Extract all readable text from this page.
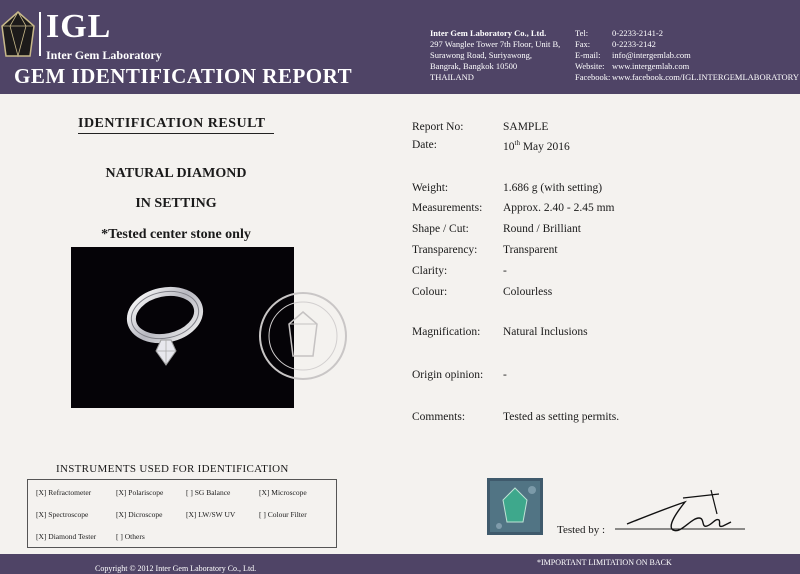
IGL
Inter Gem Laboratory
GEM IDENTIFICATION REPORT
Inter Gem Laboratory Co., Ltd.
297 Wanglee Tower 7th Floor, Unit B,
Surawong Road, Suriyawong,
Bangrak, Bangkok 10500
THAILAND
Tel:	0-2233-2141-2
Fax:	0-2233-2142
E-mail:	info@intergemlab.com
Website: www.intergemlab.com
Facebook: www.facebook.com/IGL.INTERGEMLABORATORY
IDENTIFICATION RESULT
NATURAL DIAMOND
IN SETTING
*Tested center stone only
Report No:	SAMPLE
Date:	10th May 2016
Weight:	1.686 g (with setting)
Measurements: Approx. 2.40 - 2.45 mm
Shape / Cut:	Round / Brilliant
Transparency: Transparent
Clarity:	-
Colour:	Colourless
Magnification: Natural Inclusions
Origin opinion: -
Comments:	Tested as setting permits.
INSTRUMENTS USED FOR IDENTIFICATION
[X] Refractometer	[X] Polariscope	[ ] SG Balance	[X] Microscope
[X] Spectroscope	[X] Dicroscope	[X] LW/SW UV	[ ] Colour Filter
[X] Diamond Tester	[ ] Others
Tested by :
Copyright © 2012 Inter Gem Laboratory Co., Ltd.
*IMPORTANT LIMITATION ON BACK
